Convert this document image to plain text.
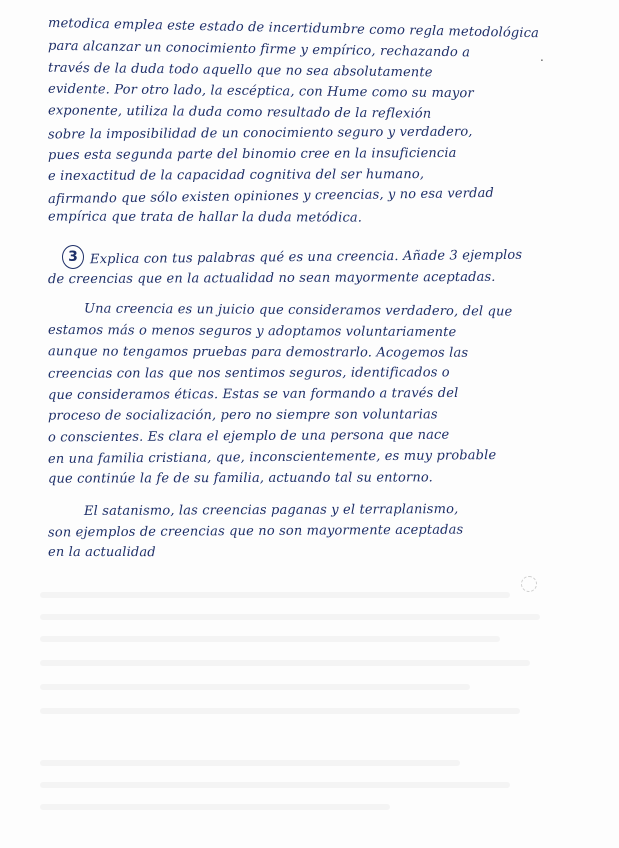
metodica emplea este estado de incertidumbre como regla metodológica

para alcanzar un conocimiento firme y empírico, rechazando a

través de la duda todo aquello que no sea absolutamente

evidente. Por otro lado, la escéptica, con Hume como su mayor

exponente, utiliza la duda como resultado de la reflexión

sobre la imposibilidad de un conocimiento seguro y verdadero,

pues esta segunda parte del binomio cree en la insuficiencia

e inexactitud de la capacidad cognitiva del ser humano,

afirmando que sólo existen opiniones y creencias, y no esa verdad

empírica que trata de hallar la duda metódica.

.
3 Explica con tus palabras qué es una creencia. Añade 3 ejemplos

de creencias que en la actualidad no sean mayormente aceptadas.

Una creencia es un juicio que consideramos verdadero, del que

estamos más o menos seguros y adoptamos voluntariamente

aunque no tengamos pruebas para demostrarlo. Acogemos las

creencias con las que nos sentimos seguros, identificados o

que consideramos éticas. Estas se van formando a través del

proceso de socialización, pero no siempre son voluntarias

o conscientes. Es clara el ejemplo de una persona que nace

en una familia cristiana, que, inconscientemente, es muy probable

que continúe la fe de su familia, actuando tal su entorno.

El satanismo, las creencias paganas y el terraplanismo,

son ejemplos de creencias que no son mayormente aceptadas

en la actualidad
